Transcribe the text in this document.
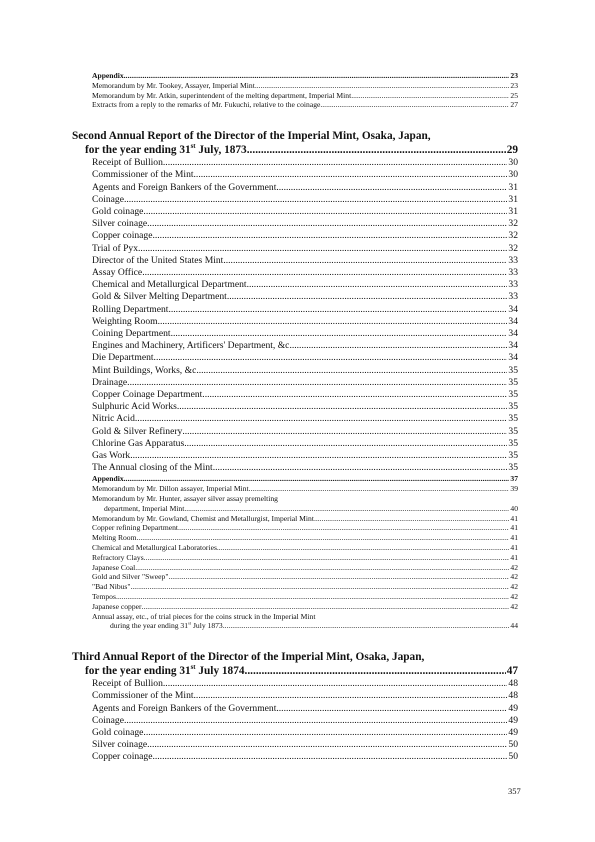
Appendix .....	23
Memorandum by Mr. Tookey, Assayer, Imperial Mint .....	23
Memorandum by Mr. Atkin, superintendent of the melting department, Imperial Mint .....	25
Extracts from a reply to the remarks of Mr. Fukuchi, relative to the coinage .....	27
Second Annual Report of the Director of the Imperial Mint, Osaka, Japan,
for the year ending 31st July, 1873 .....	29
Receipt of Bullion .....	30
Commissioner of the Mint .....	30
Agents and Foreign Bankers of the Government .....	31
Coinage .....	31
Gold coinage .....	31
Silver coinage .....	32
Copper coinage .....	32
Trial of Pyx .....	32
Director of the United States Mint .....	33
Assay Office .....	33
Chemical and Metallurgical Department .....	33
Gold & Silver Melting Department .....	33
Rolling Department .....	34
Weighting Room .....	34
Coining Department .....	34
Engines and Machinery, Artificers' Department, &c. .....	34
Die Department .....	34
Mint Buildings, Works, &c. .....	35
Drainage .....	35
Copper Coinage Department .....	35
Sulphuric Acid Works .....	35
Nitric Acid .....	35
Gold & Silver Refinery .....	35
Chlorine Gas Apparatus .....	35
Gas Work .....	35
The Annual closing of the Mint .....	35
Appendix .....	37
Memorandum by Mr. Dillon assayer, Imperial Mint .....	39
Memorandum by Mr. Hunter, assayer silver assay premelting
department, Imperial Mint .....	40
Memorandum by Mr. Gowland, Chemist and Metallurgist, Imperial Mint .....	41
Copper refining Department .....	41
Melting Room .....	41
Chemical and Metallurgical Laboratories .....	41
Refractory Clays .....	41
Japanese Coal .....	42
Gold and Silver "Sweep" .....	42
"Bad Nibus" .....	42
Tempos .....	42
Japanese copper .....	42
Annual assay, etc., of trial pieces for the coins struck in the Imperial Mint
during the year ending 31st July 1873 .....	44
Third Annual Report of the Director of the Imperial Mint, Osaka, Japan,
for the year ending 31st July 1874 .....	47
Receipt of Bullion .....	48
Commissioner of the Mint .....	48
Agents and Foreign Bankers of the Government .....	49
Coinage .....	49
Gold coinage .....	49
Silver coinage .....	50
Copper coinage .....	50
357
